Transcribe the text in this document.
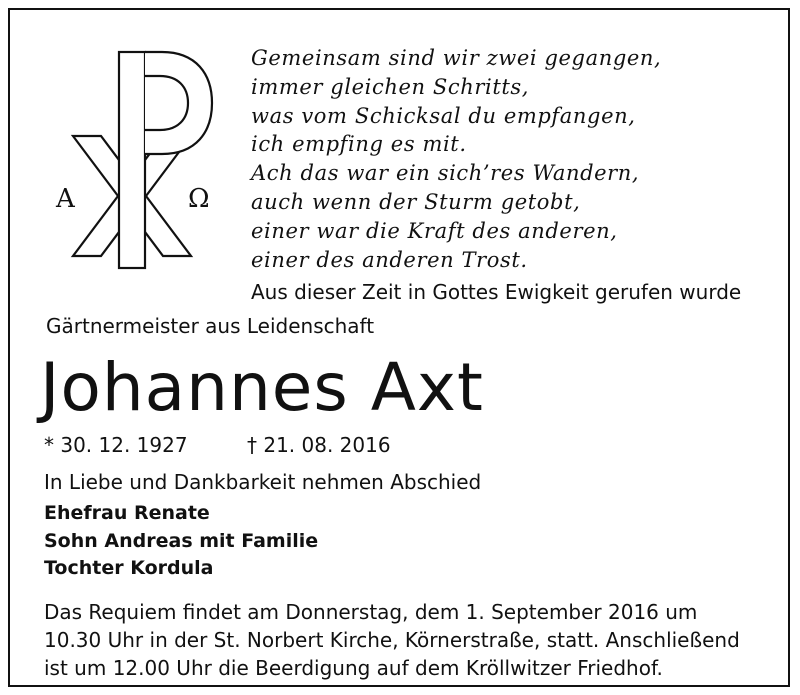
A	Ω
Gemeinsam sind wir zwei gegangen,
immer gleichen Schritts,
was vom Schicksal du empfangen,
ich empfing es mit.
Ach das war ein sich’res Wandern,
auch wenn der Sturm getobt,
einer war die Kraft des anderen,
einer des anderen Trost.
Aus dieser Zeit in Gottes Ewigkeit gerufen wurde
Gärtnermeister aus Leidenschaft
Johannes Axt
* 30. 12. 1927	† 21. 08. 2016
In Liebe und Dankbarkeit nehmen Abschied
Ehefrau Renate
Sohn Andreas mit Familie
Tochter Kordula
Das Requiem findet am Donnerstag, dem 1. September 2016 um
10.30 Uhr in der St. Norbert Kirche, Körnerstraße, statt. Anschließend
ist um 12.00 Uhr die Beerdigung auf dem Kröllwitzer Friedhof.
